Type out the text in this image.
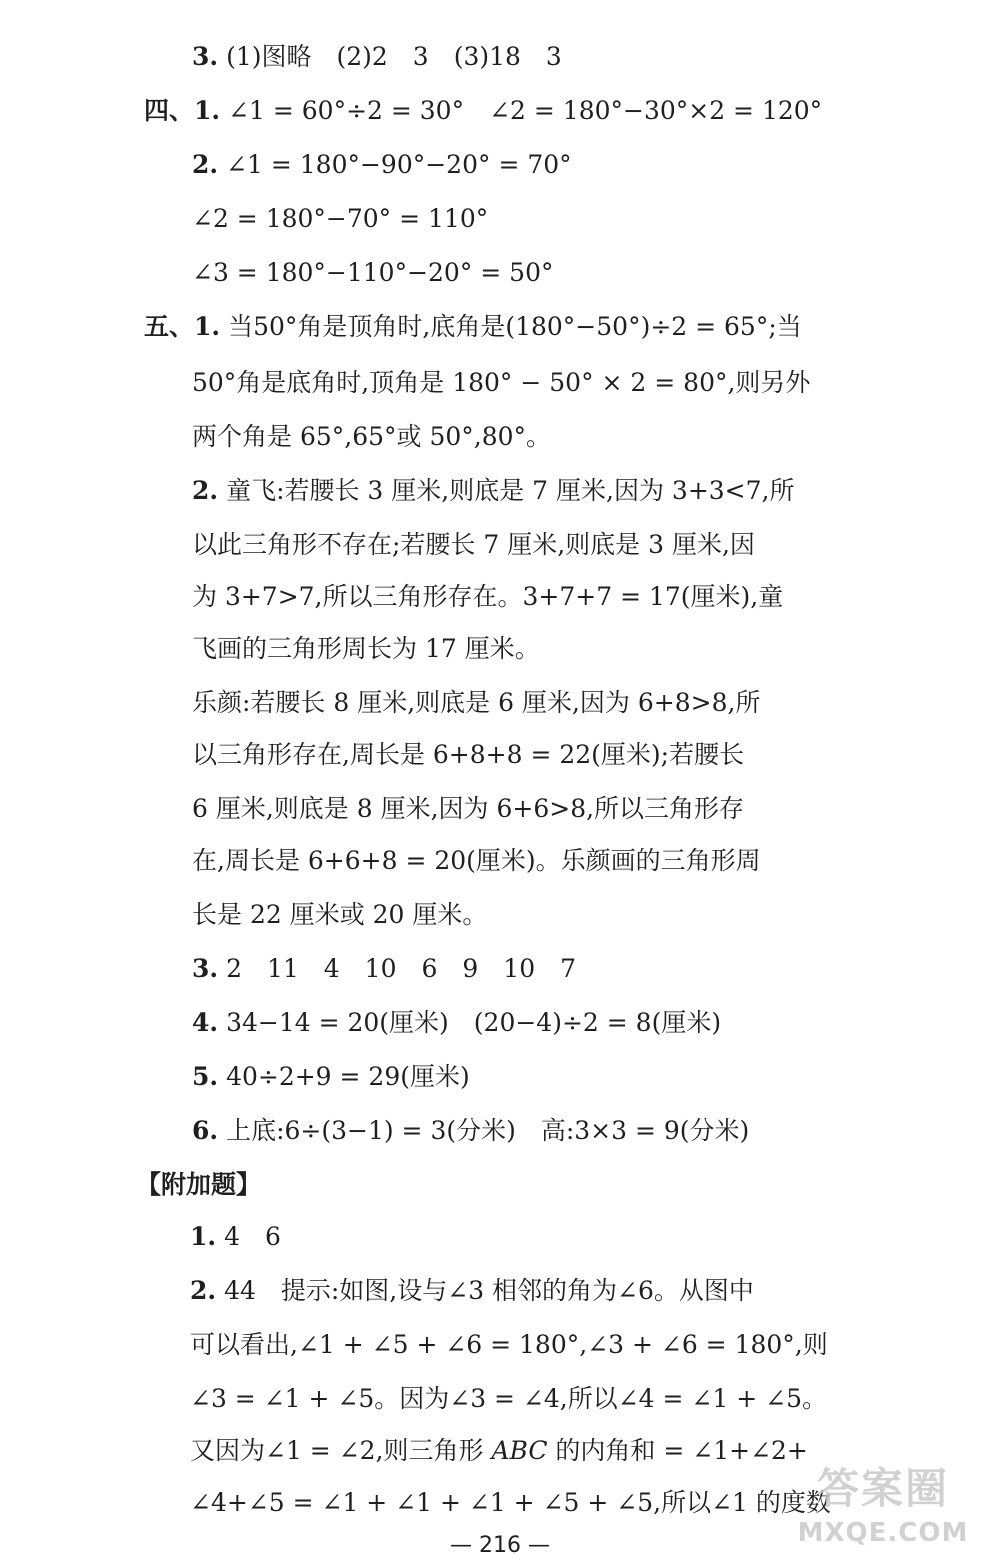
3. (1)图略　(2)2　3　(3)18　3

四、1. ∠1 = 60°÷2 = 30°　∠2 = 180°−30°×2 = 120°

2. ∠1 = 180°−90°−20° = 70°

∠2 = 180°−70° = 110°

∠3 = 180°−110°−20° = 50°

五、1. 当50°角是顶角时,底角是(180°−50°)÷2 = 65°;当

50°角是底角时,顶角是 180° − 50° × 2 = 80°,则另外

两个角是 65°,65°或 50°,80°。

2. 童飞:若腰长 3 厘米,则底是 7 厘米,因为 3+3<7,所

以此三角形不存在;若腰长 7 厘米,则底是 3 厘米,因

为 3+7>7,所以三角形存在。3+7+7 = 17(厘米),童

飞画的三角形周长为 17 厘米。

乐颜:若腰长 8 厘米,则底是 6 厘米,因为 6+8>8,所

以三角形存在,周长是 6+8+8 = 22(厘米);若腰长

6 厘米,则底是 8 厘米,因为 6+6>8,所以三角形存

在,周长是 6+6+8 = 20(厘米)。乐颜画的三角形周

长是 22 厘米或 20 厘米。

3. 2　11　4　10　6　9　10　7

4. 34−14 = 20(厘米)　(20−4)÷2 = 8(厘米)

5. 40÷2+9 = 29(厘米)

6. 上底:6÷(3−1) = 3(分米)　高:3×3 = 9(分米)

【附加题】

1. 4　6

2. 44　提示:如图,设与∠3 相邻的角为∠6。从图中

可以看出,∠1 + ∠5 + ∠6 = 180°,∠3 + ∠6 = 180°,则

∠3 = ∠1 + ∠5。因为∠3 = ∠4,所以∠4 = ∠1 + ∠5。

又因为∠1 = ∠2,则三角形 ABC 的内角和 = ∠1+∠2+

∠4+∠5 = ∠1 + ∠1 + ∠1 + ∠5 + ∠5,所以∠1 的度数

— 216 —
答案圈
MXQE.COM
